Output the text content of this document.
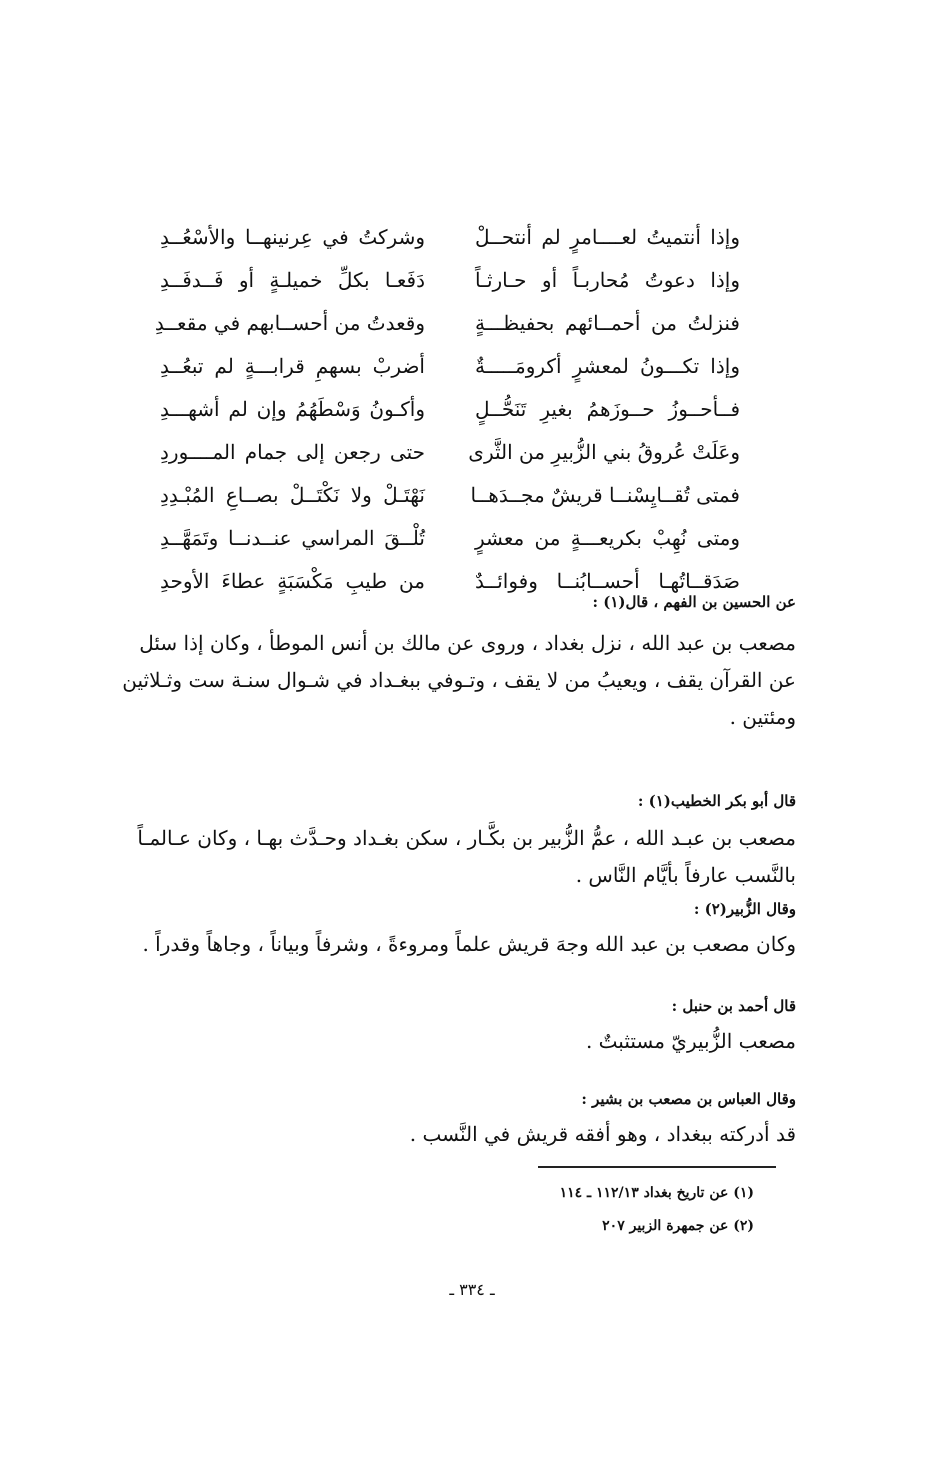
وإذا أنتميتُ لعــــامرٍ لم أنتحــلْ
وشركتُ في عِرنينهــا والأسْعُــدِ
وإذا دعوتُ مُحاربـاً أو حـارثـاً
دَفَعـا بكلِّ خميلـةٍ أو فَــدفَــدِ
فنزلتُ من أحمــائهم بحفيظـــةٍ
وقعدتُ من أحســابهم في مقعــدِ
وإذا تكـــونُ لمعشرٍ أكرومَـــــةٌ
أضربْ بسهمِ قرابـــةٍ لم تبعُــدِ
فــأحــوزُ حــوزَهمُ بغيرِ تَنَحُّــلٍ
وأكـونُ وَسْطَهُمُ وإن لم أشهـــدِ
وعَلَتْ عُروقُ بني الزُّبيرِ من الثَّرى
حتى رجعن إلى جمام المــــوردِ
فمتى تُقــايِسْنــا قريشٌ مجــدَهــا
نَهْتَـلْ ولا نَكْتَــلْ بصــاعِ المُبْـدِدِ
ومتى نُهِبْ بكريعـــةٍ من معشرٍ
تُلْــقَ المراسي عنــدنــا وتَمَهَّــدِ
صَدَقــاتُهـا أحســابُنــا وفوائــدٌ
من طيبِ مَكْسَبَةٍ عطاءَ الأوحدِ
عن الحسين بن الفهم ، قال(١) :
مصعب بن عبد الله ، نزل بغداد ، وروى عن مالك بن أنس الموطأ ، وكان إذا سئل
عن القرآن يقف ، ويعيبُ من لا يقف ، وتـوفي ببغـداد في شـوال سنـة ست وثـلاثين
ومئتين .
قال أبو بكر الخطيب(١) :
مصعب بن عبـد الله ، عمُّ الزُّبير بن بكَّـار ، سكن بغـداد وحـدَّث بهـا ، وكان عـالمـاً
بالنَّسب عارفاً بأيَّام النَّاس .
وقال الزُّبير(٢) :
وكان مصعب بن عبد الله وجهَ قريش علماً ومروءةً ، وشرفاً وبياناً ، وجاهاً وقدراً .
قال أحمد بن حنبل :
مصعب الزُّبيريّ مستثبتٌ .
وقال العباس بن مصعب بن بشير :
قد أدركته ببغداد ، وهو أفقه قريش في النَّسب .
(١) عن تاريخ بغداد ١١٢/١٣ ـ ١١٤
(٢) عن جمهرة الزبير ٢٠٧
ـ ٣٣٤ ـ
